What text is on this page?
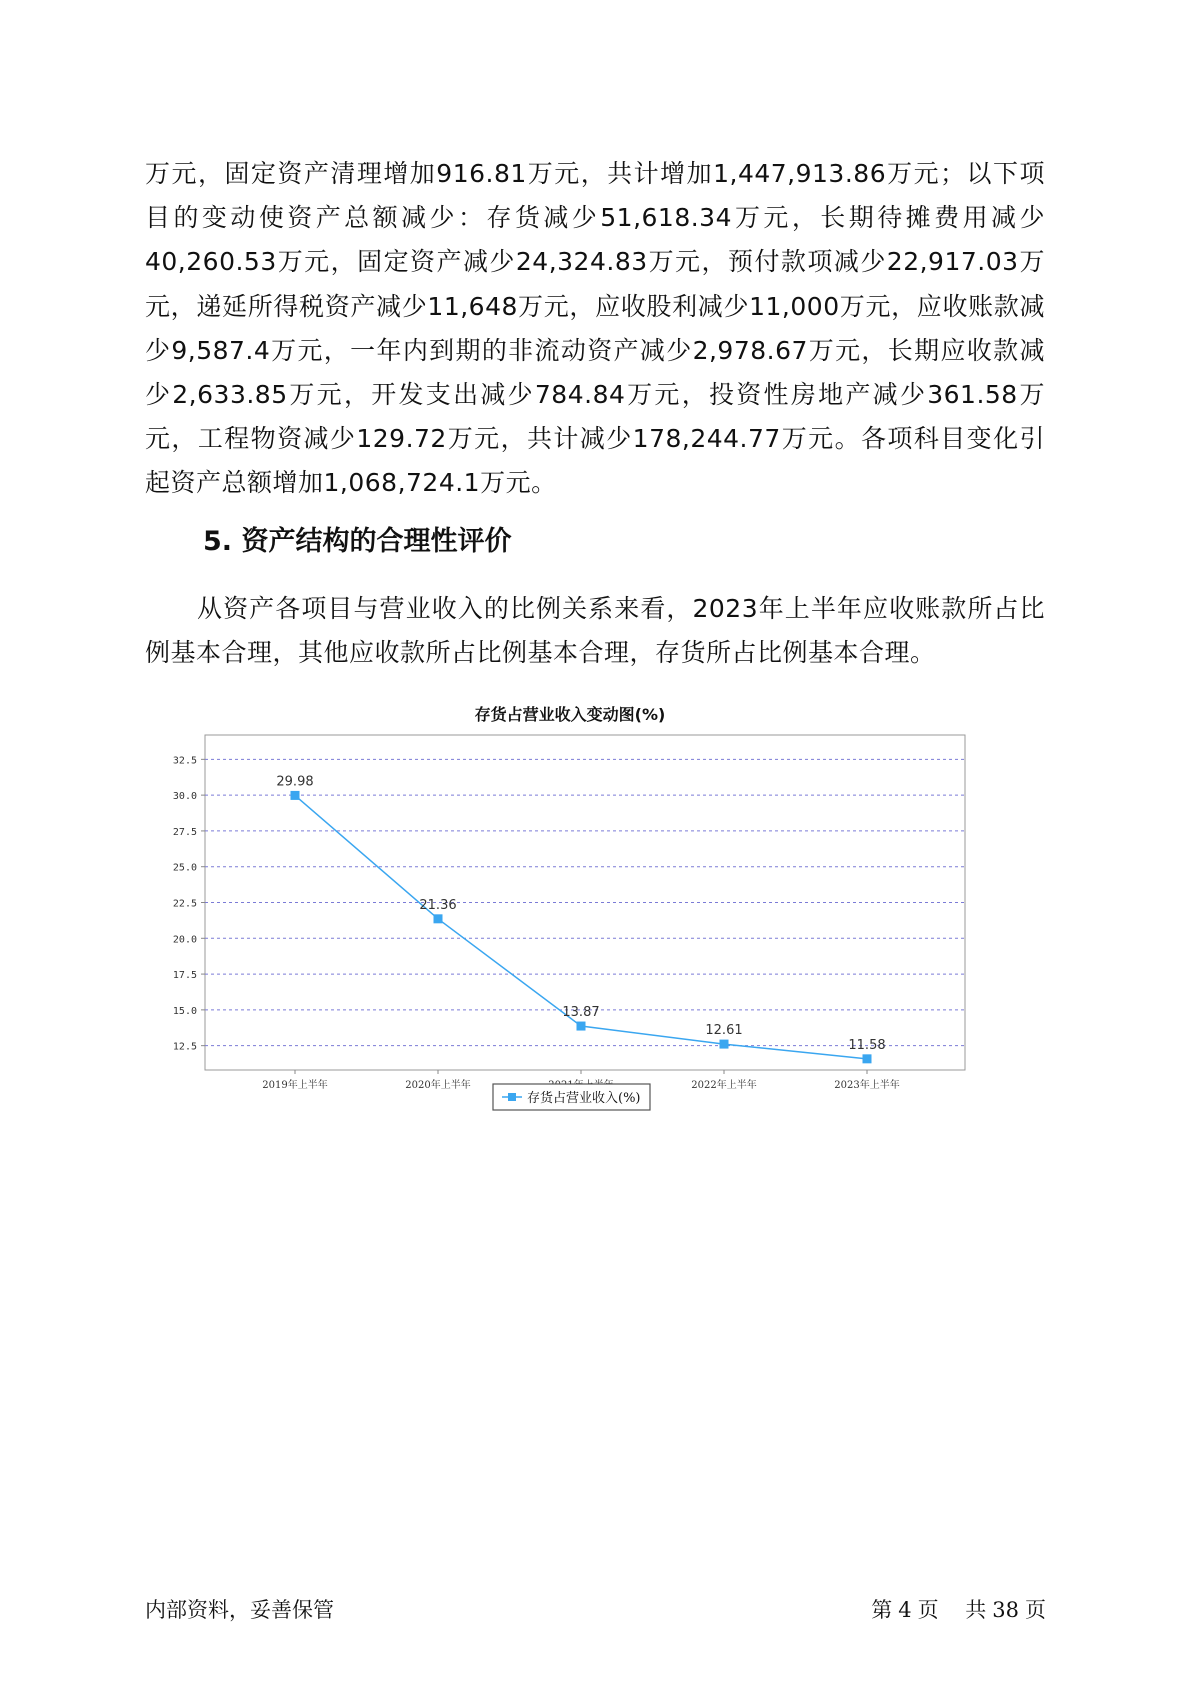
万元，固定资产清理增加916.81万元，共计增加1,447,913.86万元；以下项目的变动使资产总额减少：存货减少51,618.34万元，长期待摊费用减少40,260.53万元，固定资产减少24,324.83万元，预付款项减少22,917.03万元，递延所得税资产减少11,648万元，应收股利减少11,000万元，应收账款减少9,587.4万元，一年内到期的非流动资产减少2,978.67万元，长期应收款减少2,633.85万元，开发支出减少784.84万元，投资性房地产减少361.58万元，工程物资减少129.72万元，共计减少178,244.77万元。各项科目变化引起资产总额增加1,068,724.1万元。

5. 资产结构的合理性评价

从资产各项目与营业收入的比例关系来看，2023年上半年应收账款所占比例基本合理，其他应收款所占比例基本合理，存货所占比例基本合理。

存货占营业收入变动图(%)
12.5
15.0
17.5
20.0
22.5
25.0
27.5
30.0
32.5
2019年上半年	2020年上半年	2022年上半年	2023年上半年
29.98
21.36
13.87
12.61
11.58
存货占营业收入(%)
内部资料，妥善保管	第 4 页 共 38 页
